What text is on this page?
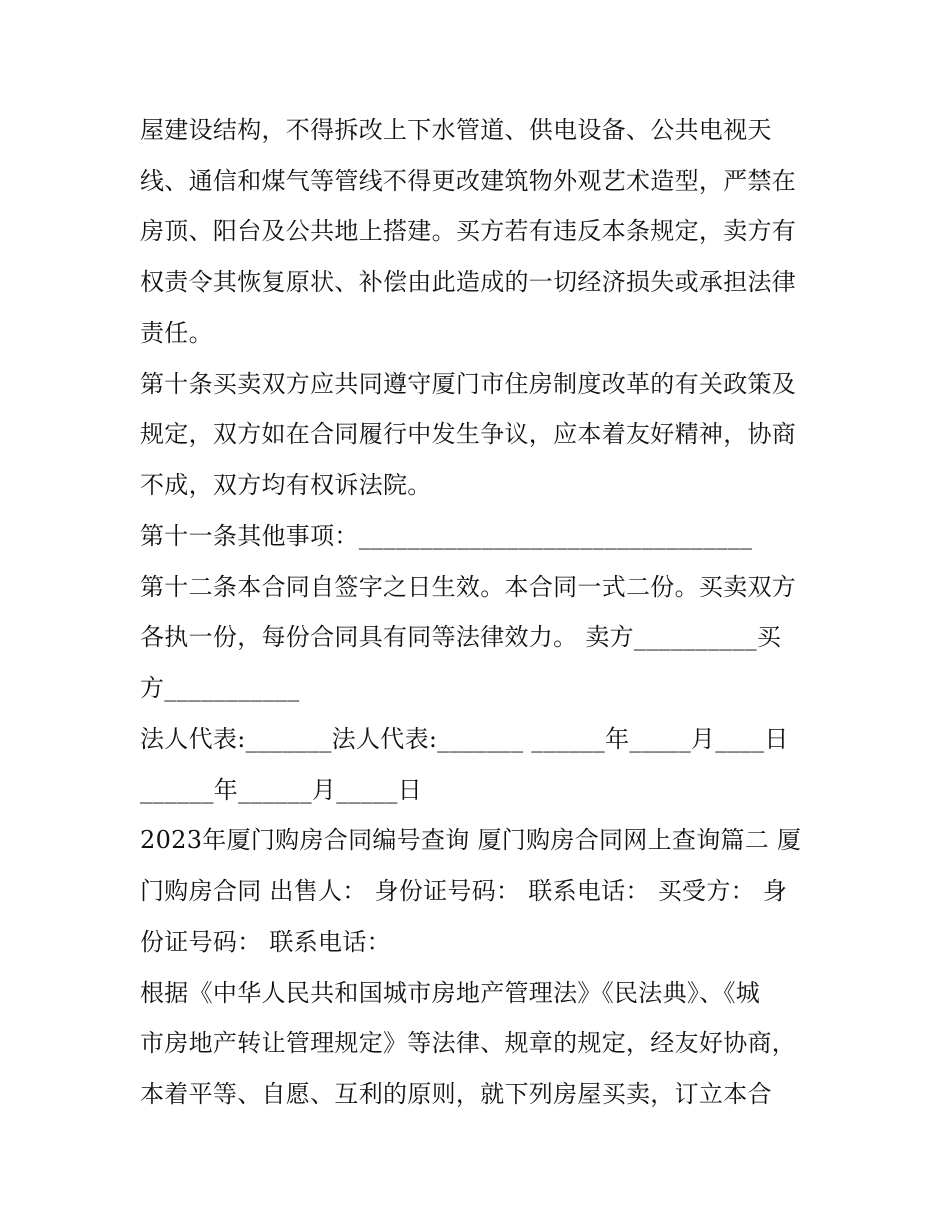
屋建设结构，不得拆改上下水管道、供电设备、公共电视天
线、通信和煤气等管线不得更改建筑物外观艺术造型，严禁在
房顶、阳台及公共地上搭建。买方若有违反本条规定，卖方有
权责令其恢复原状、补偿由此造成的一切经济损失或承担法律
责任。
第十条买卖双方应共同遵守厦门市住房制度改革的有关政策及
规定，双方如在合同履行中发生争议，应本着友好精神，协商
不成，双方均有权诉法院。
第十一条其他事项：________________________________
第十二条本合同自签字之日生效。本合同一式二份。买卖双方
各执一份，每份合同具有同等法律效力。 卖方__________买
方___________
法人代表:_______法人代表:_______ ______年_____月____日
______年______月_____日
2023年厦门购房合同编号查询 厦门购房合同网上查询篇二 厦
门购房合同 出售人： 身份证号码： 联系电话： 买受方： 身
份证号码： 联系电话：
根据《中华人民共和国城市房地产管理法》《民法典》、《城
市房地产转让管理规定》等法律、规章的规定，经友好协商，
本着平等、自愿、互利的原则，就下列房屋买卖，订立本合
